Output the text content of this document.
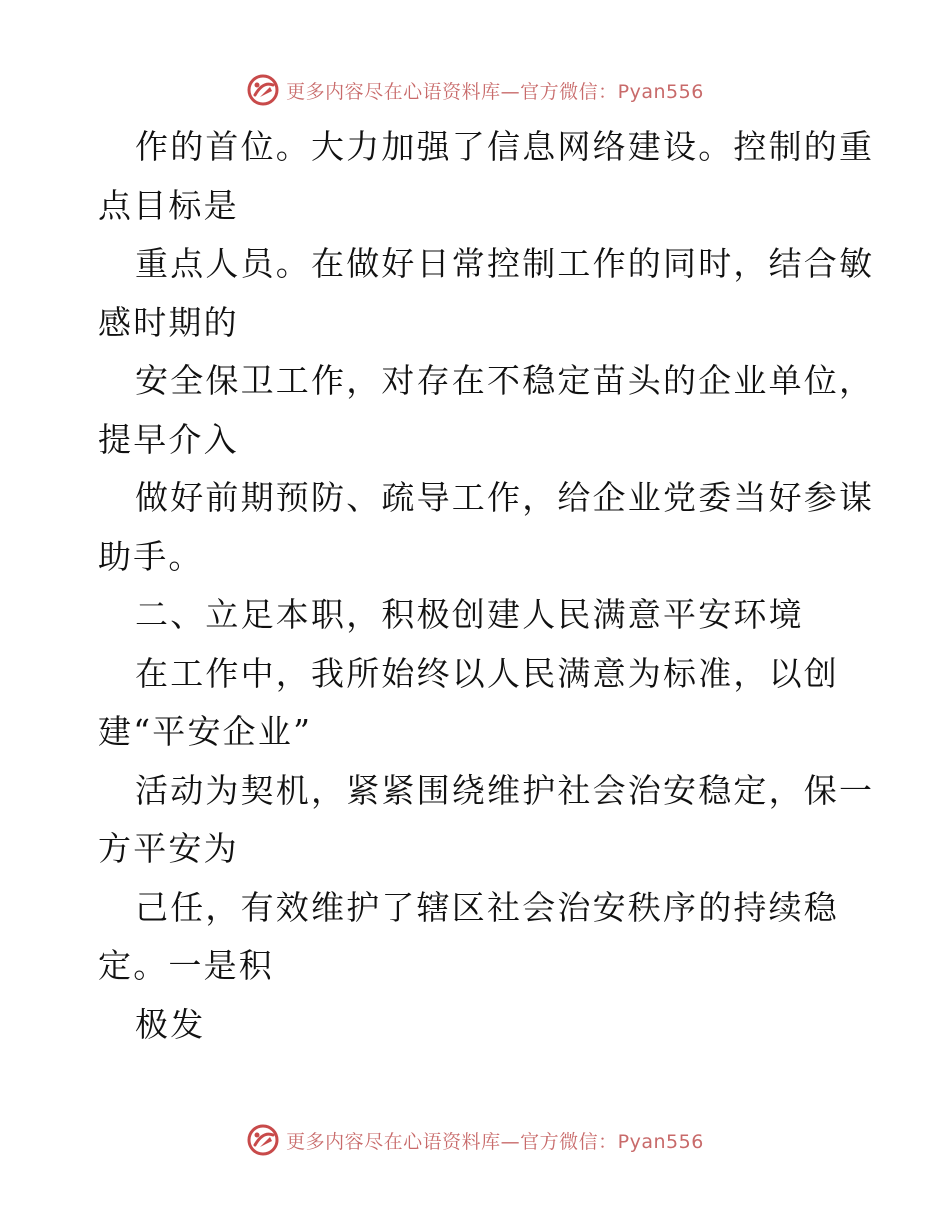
更多内容尽在心语资料库—官方微信：Pyan556
作的首位。大力加强了信息网络建设。控制的重
点目标是
重点人员。在做好日常控制工作的同时，结合敏
感时期的
安全保卫工作，对存在不稳定苗头的企业单位，
提早介入
做好前期预防、疏导工作，给企业党委当好参谋
助手。
二、立足本职，积极创建人民满意平安环境
在工作中，我所始终以人民满意为标准，以创
建“平安企业”
活动为契机，紧紧围绕维护社会治安稳定，保一
方平安为
己任，有效维护了辖区社会治安秩序的持续稳
定。一是积
极发
更多内容尽在心语资料库—官方微信：Pyan556
